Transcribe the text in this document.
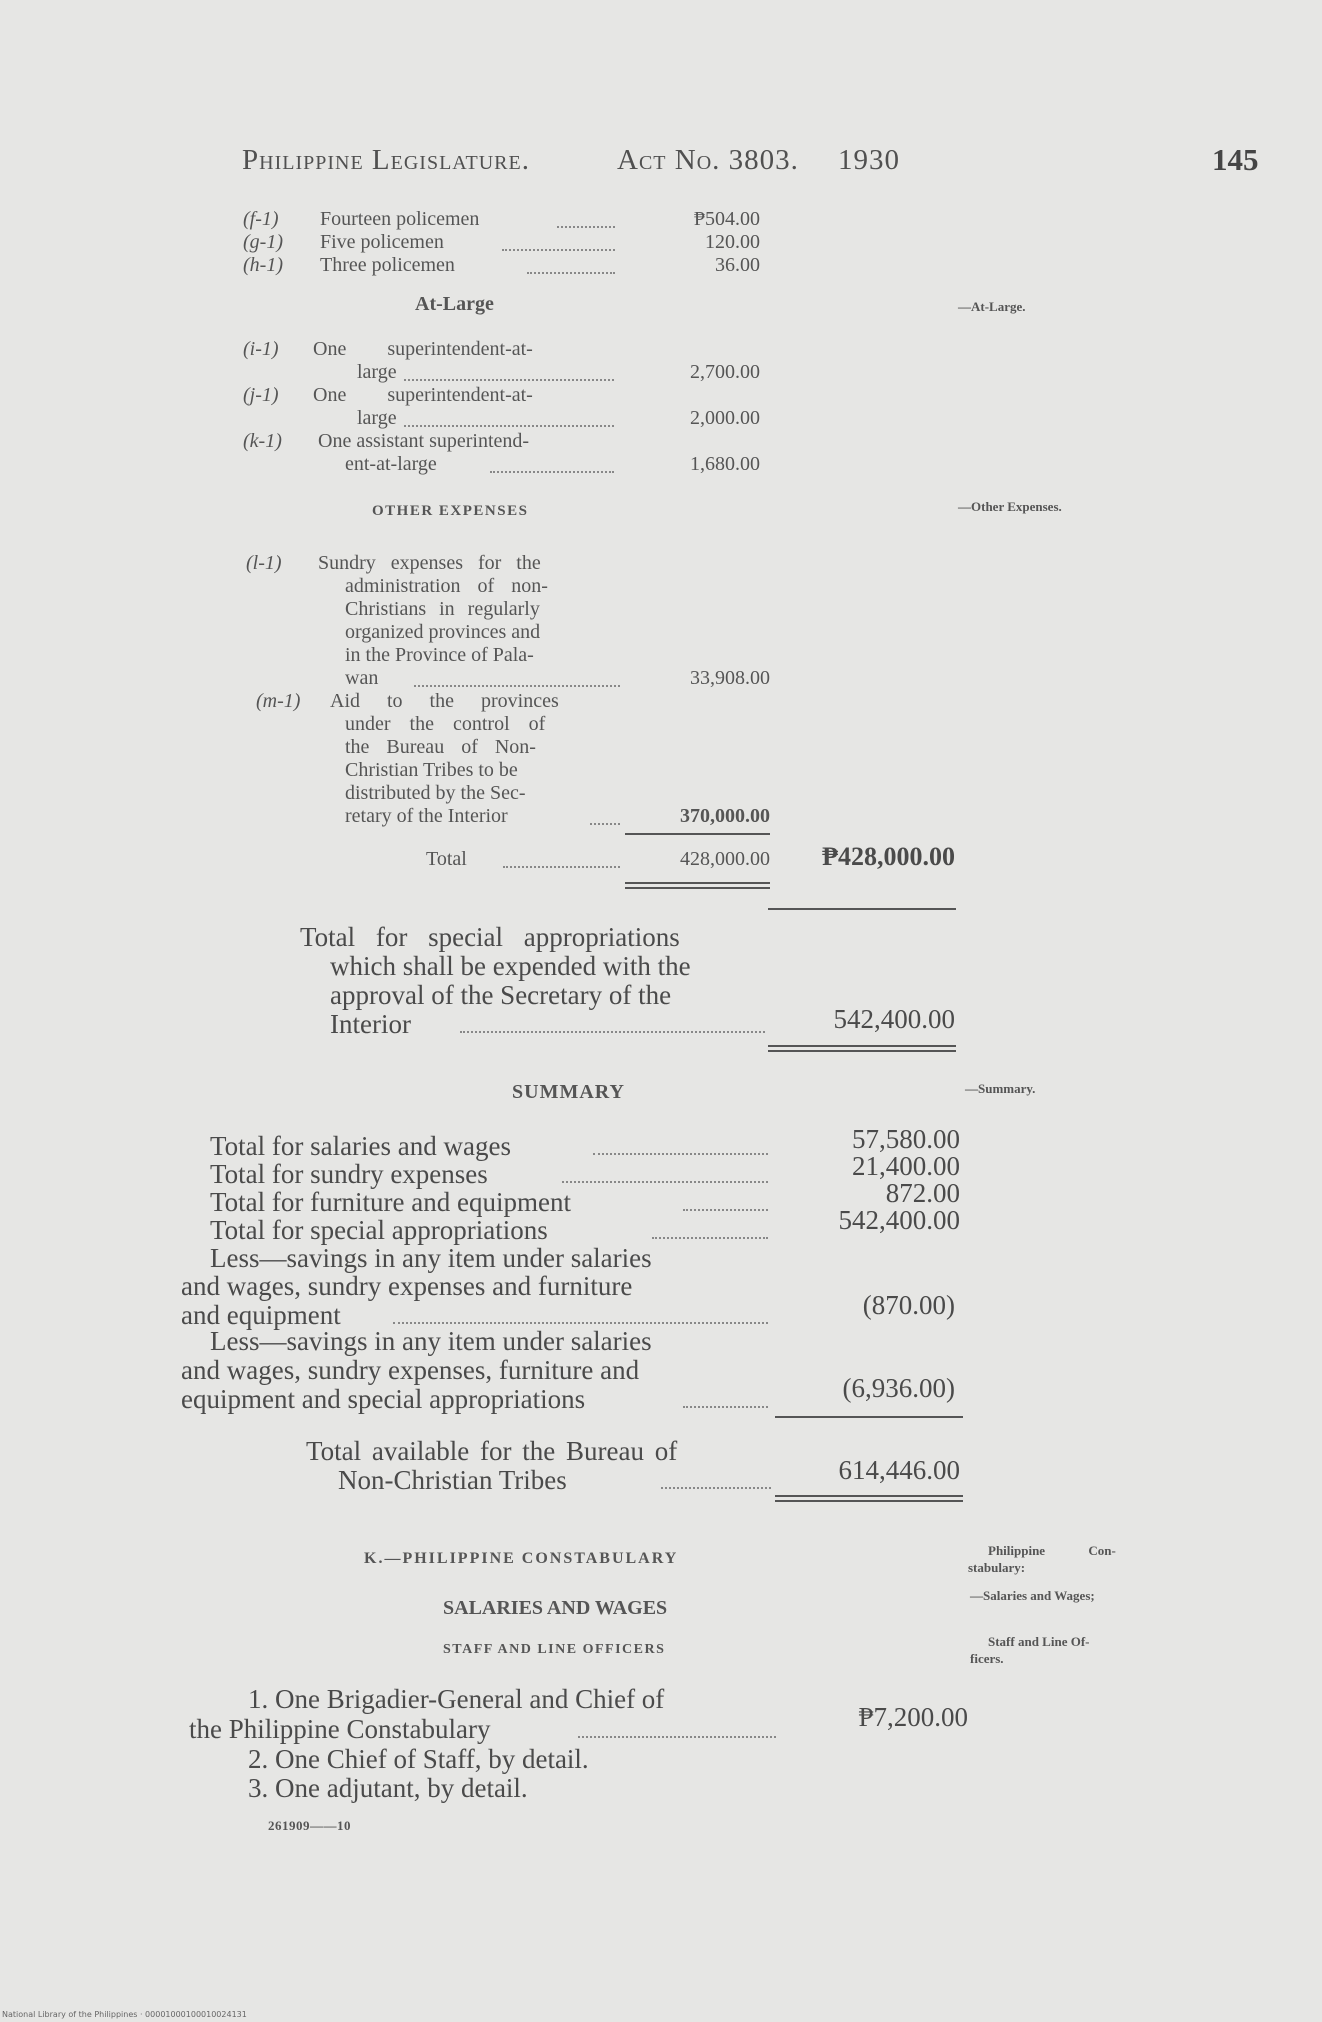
Philippine Legislature.	Act No. 3803. 1930	145
(f-1) Fourteen policemen	₱504.00
(g-1) Five policemen	120.00
(h-1) Three policemen	36.00
At-Large	—At-Large.
(i-1) One superintendent-at-
large	2,700.00
(j-1) One superintendent-at-
large	2,000.00
(k-1) One assistant superintend-
ent-at-large	1,680.00
OTHER EXPENSES	—Other Expenses.
(l-1) Sundry expenses for the
administration of non-
Christians in regularly
organized provinces and
in the Province of Pala-
wan	33,908.00
(m-1) Aid to the provinces
under the control of
the Bureau of Non-
Christian Tribes to be
distributed by the Sec-
retary of the Interior	370,000.00
Total	428,000.00	₱428,000.00
Total for special appropriations
which shall be expended with the
approval of the Secretary of the
Interior	542,400.00
SUMMARY	—Summary.
Total for salaries and wages	57,580.00
Total for sundry expenses	21,400.00
Total for furniture and equipment	872.00
Total for special appropriations	542,400.00
Less—savings in any item under salaries
and wages, sundry expenses and furniture
and equipment	(870.00)
Less—savings in any item under salaries
and wages, sundry expenses, furniture and
equipment and special appropriations	(6,936.00)
Total available for the Bureau of
Non-Christian Tribes	614,446.00
K.—PHILIPPINE CONSTABULARY	Philippine Con-
stabulary:
SALARIES AND WAGES
—Salaries and Wages;
STAFF AND LINE OFFICERS
Staff and Line Of-
ficers.
1. One Brigadier-General and Chief of
the Philippine Constabulary	₱7,200.00
2. One Chief of Staff, by detail.
3. One adjutant, by detail.
261909——10
National Library of the Philippines · 00001000100010024131
